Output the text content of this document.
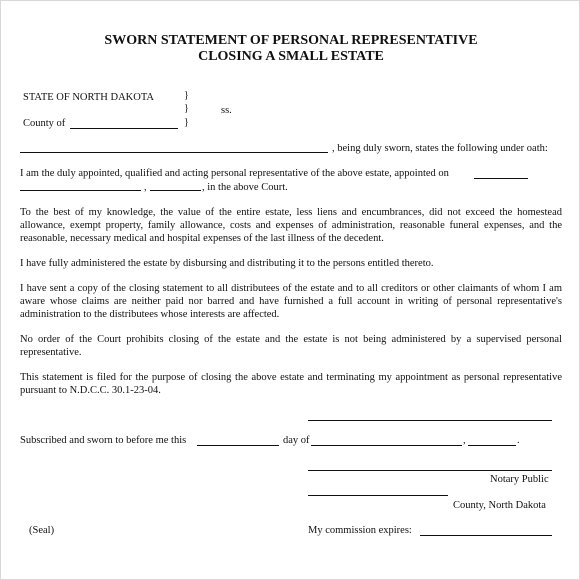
SWORN STATEMENT OF PERSONAL REPRESENTATIVE
CLOSING A SMALL ESTATE
STATE OF NORTH DAKOTA	}
}
}
ss.
County of
, being duly sworn, states the following under oath:
I am the duly appointed, qualified and acting personal representative of the above estate, appointed on
,	, in the above Court.
To the best of my knowledge, the value of the entire estate, less liens and encumbrances, did not exceed the homestead
allowance, exempt property, family allowance, costs and expenses of administration, reasonable funeral expenses, and the
reasonable, necessary medical and hospital expenses of the last illness of the decedent.
I have fully administered the estate by disbursing and distributing it to the persons entitled thereto.
I have sent a copy of the closing statement to all distributees of the estate and to all creditors or other claimants of whom I am
aware whose claims are neither paid nor barred and have furnished a full account in writing of personal representative's
administration to the distributees whose interests are affected.
No order of the Court prohibits closing of the estate and the estate is not being administered by a supervised personal
representative.
This statement is filed for the purpose of closing the above estate and terminating my appointment as personal representative
pursuant to N.D.C.C. 30.1-23-04.
Subscribed and sworn to before me this	day of	,	.
Notary Public
County, North Dakota
(Seal)	My commission expires:
